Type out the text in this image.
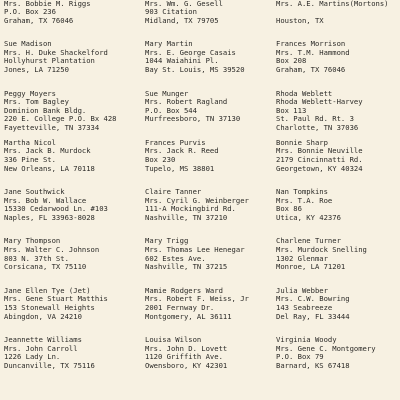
Mrs. Bobbie M. Riggs
P.O. Box 236
Graham, TX 76046
Sue Madison
Mrs. H. Duke Shackelford
Hollyhurst Plantation
Jones, LA 71250
Peggy Moyers
Mrs. Tom Bagley
Dominion Bank Bldg.
220 E. College P.O. Bx 428
Fayetteville, TN 37334
Martha Nicol
Mrs. Jack B. Murdock
336 Pine St.
New Orleans, LA 70118
Jane Southwick
Mrs. Bob W. Wallace
15330 Cedarwood Ln. #103
Naples, FL 33963-8028
Mary Thompson
Mrs. Walter C. Johnson
803 N. 37th St.
Corsicana, TX 75110
Jane Ellen Tye (Jet)
Mrs. Gene Stuart Matthis
153 Stonewall Heights
Abingdon, VA 24210
Jeannette Williams
Mrs. John Carroll
1226 Lady Ln.
Duncanville, TX 75116
Mrs. Wm. G. Gesell
903 Citation
Midland, TX 79705
Mary Martin
Mrs. E. George Casais
1044 Waiahini Pl.
Bay St. Louis, MS 39520
Sue Munger
Mrs. Robert Ragland
P.O. Box 544
Murfreesboro, TN 37130
Frances Purvis
Mrs. Jack R. Reed
Box 230
Tupelo, MS 38801
Claire Tanner
Mrs. Cyril G. Weinberger
111-A Mockingbird Rd.
Nashville, TN 37210
Mary Trigg
Mrs. Thomas Lee Henegar
602 Estes Ave.
Nashville, TN 37215
Mamie Rodgers Ward
Mrs. Robert F. Weiss, Jr
2001 Fernway Dr.
Montgomery, AL 36111
Louisa Wilson
Mrs. John D. Lovett
1120 Griffith Ave.
Owensboro, KY 42301
Mrs. A.E. Martins(Mortons)
Houston, TX
Frances Morrison
Mrs. T.M. Hammond
Box 208
Graham, TX 76046
Rhoda Weblett
Rhoda Weblett-Harvey
Box 113
St. Paul Rd. Rt. 3
Charlotte, TN 37036
Bonnie Sharp
Mrs. Bonnie Neuville
2179 Cincinnatti Rd.
Georgetown, KY 40324
Nan Tompkins
Mrs. T.A. Roe
Box 86
Utica, KY 42376
Charlene Turner
Mrs. Murdock Snelling
1302 Glenmar
Monroe, LA 71201
Julia Webber
Mrs. C.W. Bowring
143 Seabreeze
Del Ray, FL 33444
Virginia Woody
Mrs. Gene C. Montgomery
P.O. Box 79
Barnard, KS 67418
